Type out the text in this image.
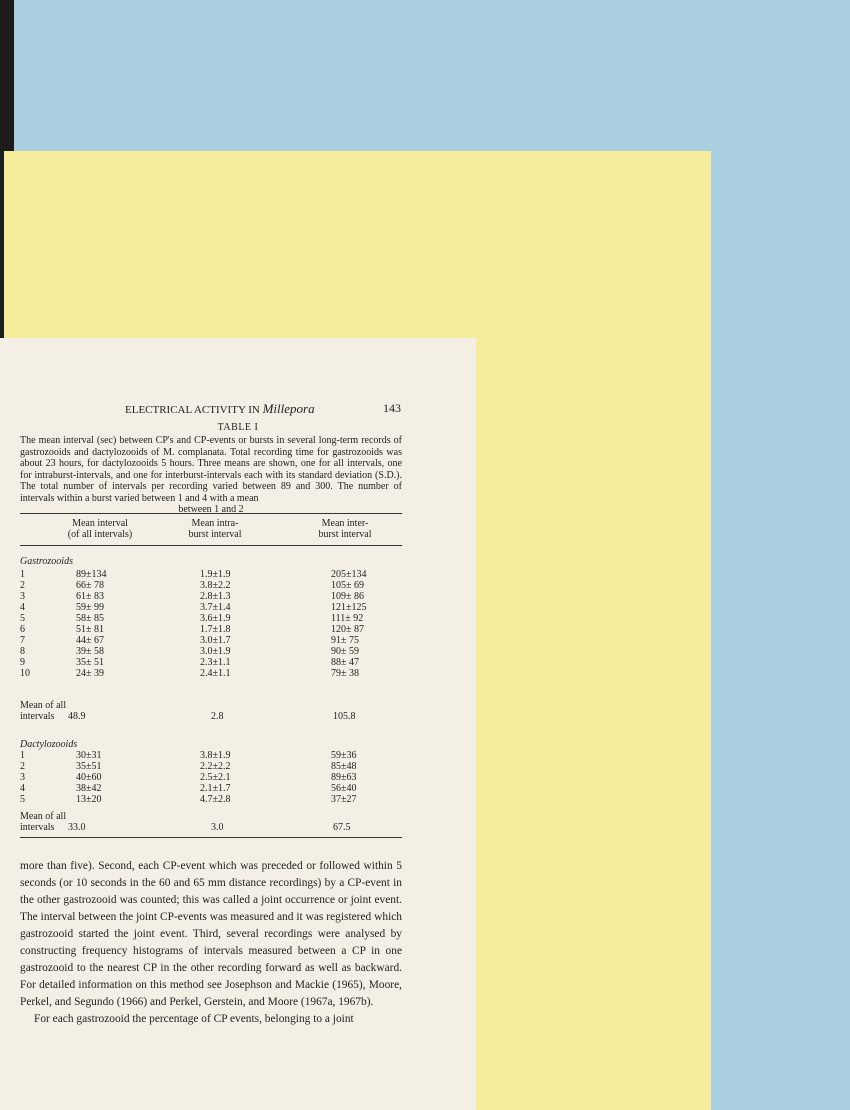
ELECTRICAL ACTIVITY IN Millepora	143
TABLE I
The mean interval (sec) between CP's and CP-events or bursts in several long-term records of gastrozooids and dactylozooids of M. complanata. Total recording time for gastrozooids was about 23 hours, for dactylozooids 5 hours. Three means are shown, one for all intervals, one for intraburst-intervals, and one for interburst-intervals each with its standard deviation (S.D.). The total number of intervals per recording varied between 89 and 300. The number of intervals within a burst varied between 1 and 4 with a mean
between 1 and 2
Mean interval
(of all intervals)
Mean intra-
burst interval
Mean inter-
burst interval
Gastrozooids
1	89±134	1.9±1.9	205±134
2	66± 78	3.8±2.2	105± 69
3	61± 83	2.8±1.3	109± 86
4	59± 99	3.7±1.4	121±125
5	58± 85	3.6±1.9	111± 92
6	51± 81	1.7±1.8	120± 87
7	44± 67	3.0±1.7	91± 75
8	39± 58	3.0±1.9	90± 59
9	35± 51	2.3±1.1	88± 47
10	24± 39	2.4±1.1	79± 38
Mean of all
intervals	48.9	2.8	105.8
Dactylozooids
1	30±31	3.8±1.9	59±36
2	35±51	2.2±2.2	85±48
3	40±60	2.5±2.1	89±63
4	38±42	2.1±1.7	56±40
5	13±20	4.7±2.8	37±27
Mean of all
intervals	33.0	3.0	67.5

more than five). Second, each CP-event which was preceded or followed within 5 seconds (or 10 seconds in the 60 and 65 mm distance recordings) by a CP-event in the other gastrozooid was counted; this was called a joint occurrence or joint event. The interval between the joint CP-events was measured and it was registered which gastrozooid started the joint event. Third, several recordings were analysed by constructing frequency histograms of intervals measured between a CP in one gastrozooid to the nearest CP in the other recording forward as well as backward. For detailed information on this method see Josephson and Mackie (1965), Moore, Perkel, and Segundo (1966) and Perkel, Gerstein, and Moore (1967a, 1967b).

For each gastrozooid the percentage of CP events, belonging to a joint
